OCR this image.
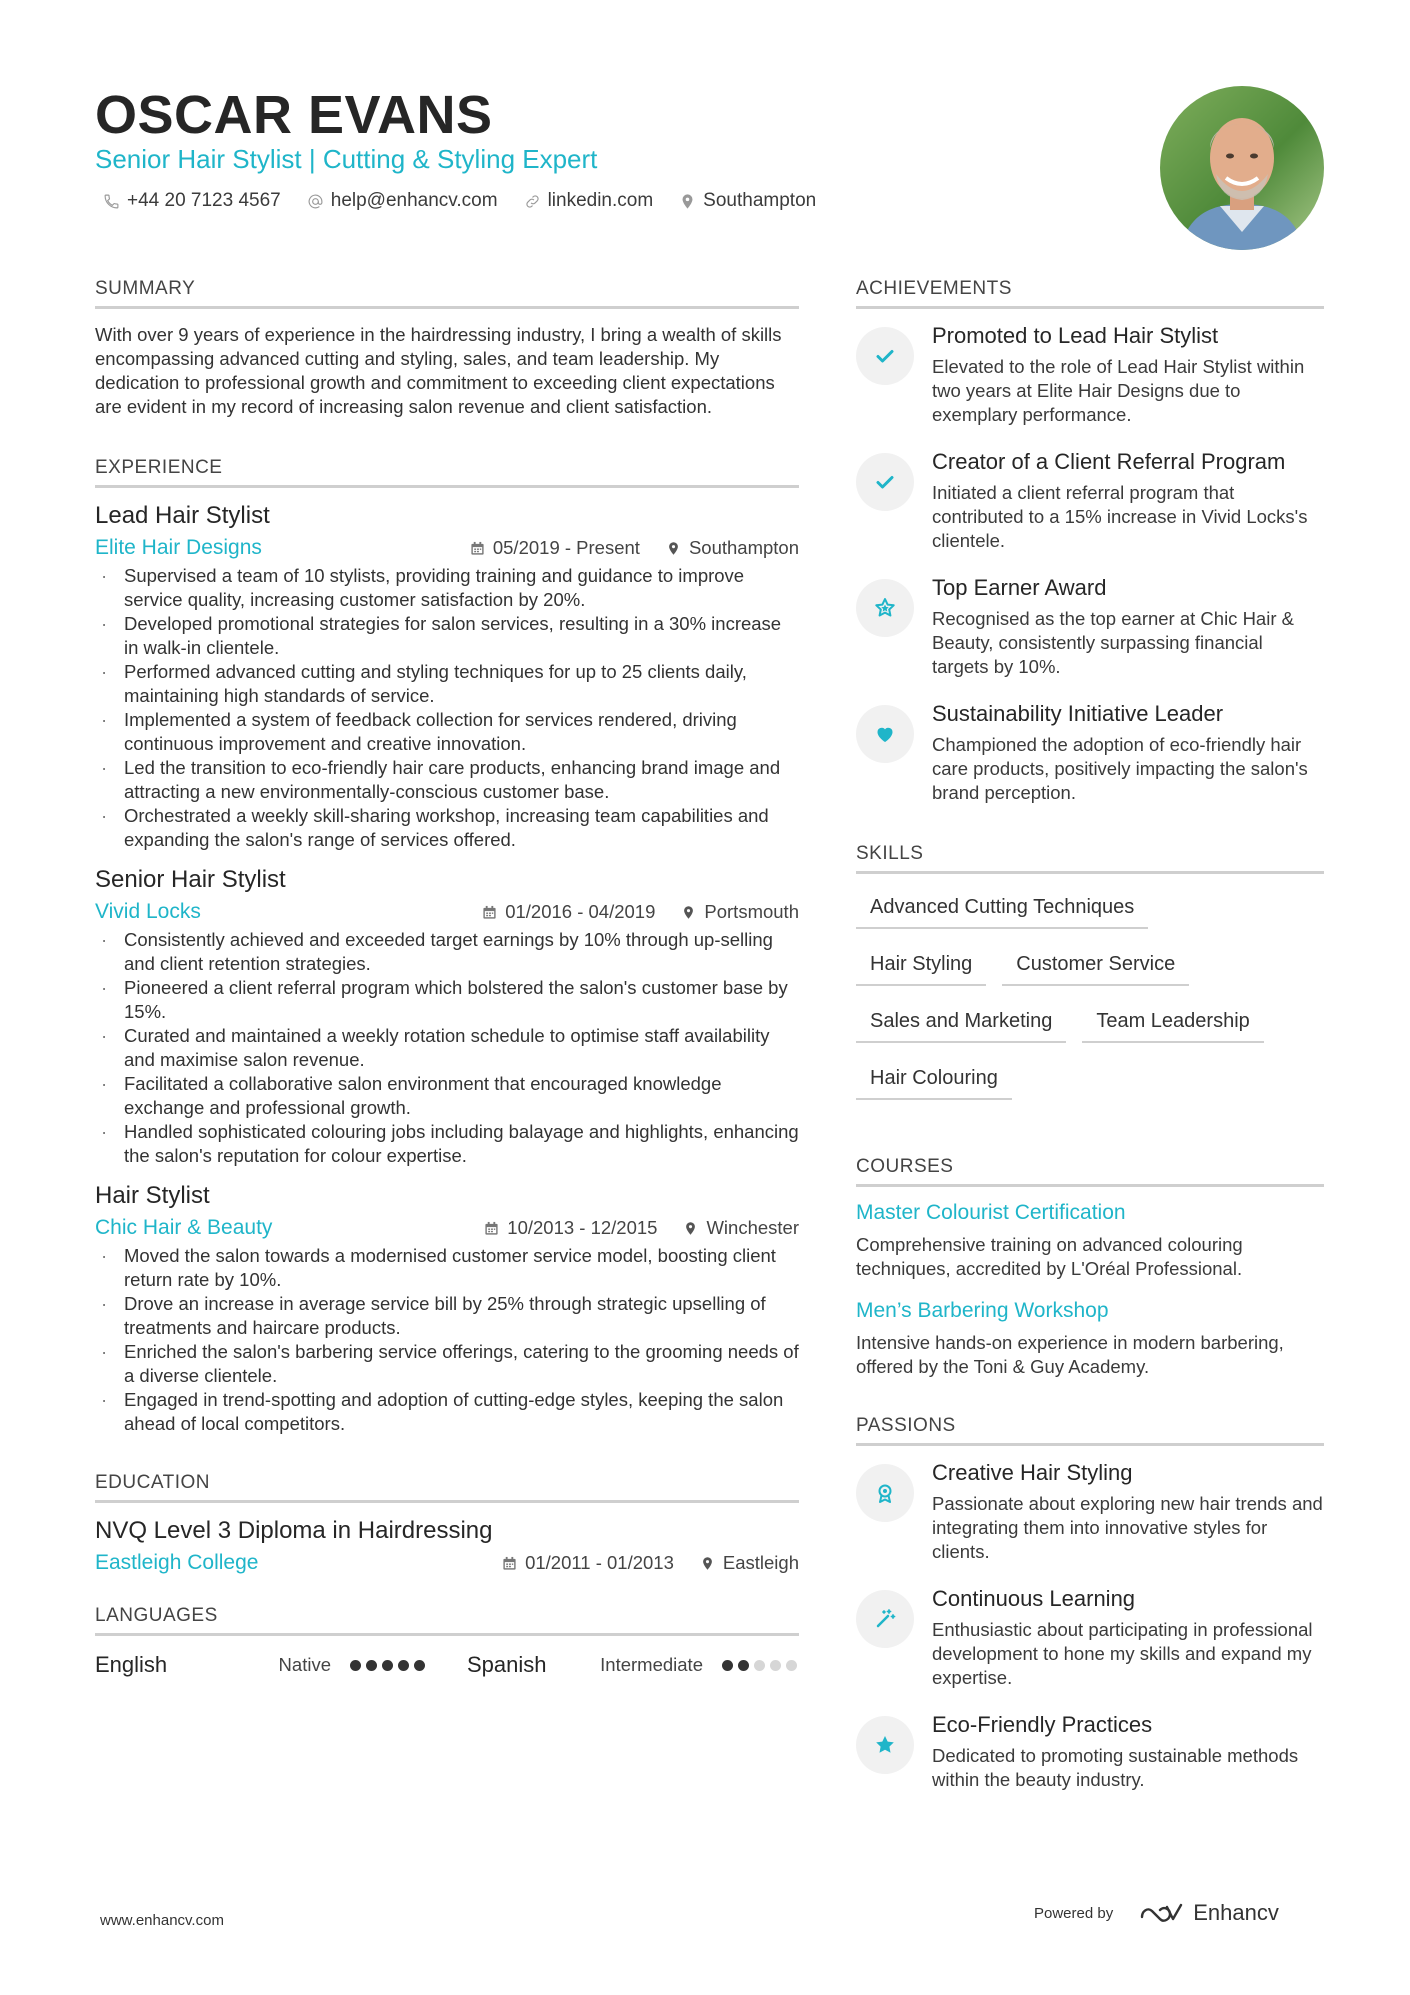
OSCAR EVANS
Senior Hair Stylist | Cutting & Styling Expert
+44 20 7123 4567	help@enhancv.com	linkedin.com	Southampton
SUMMARY

With over 9 years of experience in the hairdressing industry, I bring a wealth of skills encompassing advanced cutting and styling, sales, and team leadership. My dedication to professional growth and commitment to exceeding client expectations are evident in my record of increasing salon revenue and client satisfaction.

EXPERIENCE
Lead Hair Stylist
Elite Hair Designs	05/2019 - Present	Southampton
· Supervised a team of 10 stylists, providing training and guidance to improve service quality, increasing customer satisfaction by 20%.
· Developed promotional strategies for salon services, resulting in a 30% increase in walk-in clientele.
· Performed advanced cutting and styling techniques for up to 25 clients daily, maintaining high standards of service.
· Implemented a system of feedback collection for services rendered, driving continuous improvement and creative innovation.
· Led the transition to eco-friendly hair care products, enhancing brand image and attracting a new environmentally-conscious customer base.
· Orchestrated a weekly skill-sharing workshop, increasing team capabilities and expanding the salon's range of services offered.
Senior Hair Stylist
Vivid Locks	01/2016 - 04/2019	Portsmouth
· Consistently achieved and exceeded target earnings by 10% through up-selling and client retention strategies.
· Pioneered a client referral program which bolstered the salon's customer base by 15%.
· Curated and maintained a weekly rotation schedule to optimise staff availability and maximise salon revenue.
· Facilitated a collaborative salon environment that encouraged knowledge exchange and professional growth.
· Handled sophisticated colouring jobs including balayage and highlights, enhancing the salon's reputation for colour expertise.
Hair Stylist
Chic Hair & Beauty	10/2013 - 12/2015	Winchester
· Moved the salon towards a modernised customer service model, boosting client return rate by 10%.
· Drove an increase in average service bill by 25% through strategic upselling of treatments and haircare products.
· Enriched the salon's barbering service offerings, catering to the grooming needs of a diverse clientele.
· Engaged in trend-spotting and adoption of cutting-edge styles, keeping the salon ahead of local competitors.
EDUCATION
NVQ Level 3 Diploma in Hairdressing
Eastleigh College	01/2011 - 01/2013	Eastleigh
LANGUAGES
English	Native	Spanish	Intermediate
ACHIEVEMENTS
Promoted to Lead Hair Stylist
Elevated to the role of Lead Hair Stylist within two years at Elite Hair Designs due to exemplary performance.
Creator of a Client Referral Program
Initiated a client referral program that contributed to a 15% increase in Vivid Locks's clientele.
Top Earner Award
Recognised as the top earner at Chic Hair & Beauty, consistently surpassing financial targets by 10%.
Sustainability Initiative Leader
Championed the adoption of eco-friendly hair care products, positively impacting the salon's brand perception.
SKILLS
Advanced Cutting Techniques
Hair Styling	Customer Service
Sales and Marketing	Team Leadership
Hair Colouring
COURSES
Master Colourist Certification
Comprehensive training on advanced colouring techniques, accredited by L'Oréal Professional.
Men’s Barbering Workshop
Intensive hands-on experience in modern barbering, offered by the Toni & Guy Academy.
PASSIONS
Creative Hair Styling
Passionate about exploring new hair trends and integrating them into innovative styles for clients.
Continuous Learning
Enthusiastic about participating in professional development to hone my skills and expand my expertise.
Eco-Friendly Practices
Dedicated to promoting sustainable methods within the beauty industry.
www.enhancv.com	Powered by	Enhancv
